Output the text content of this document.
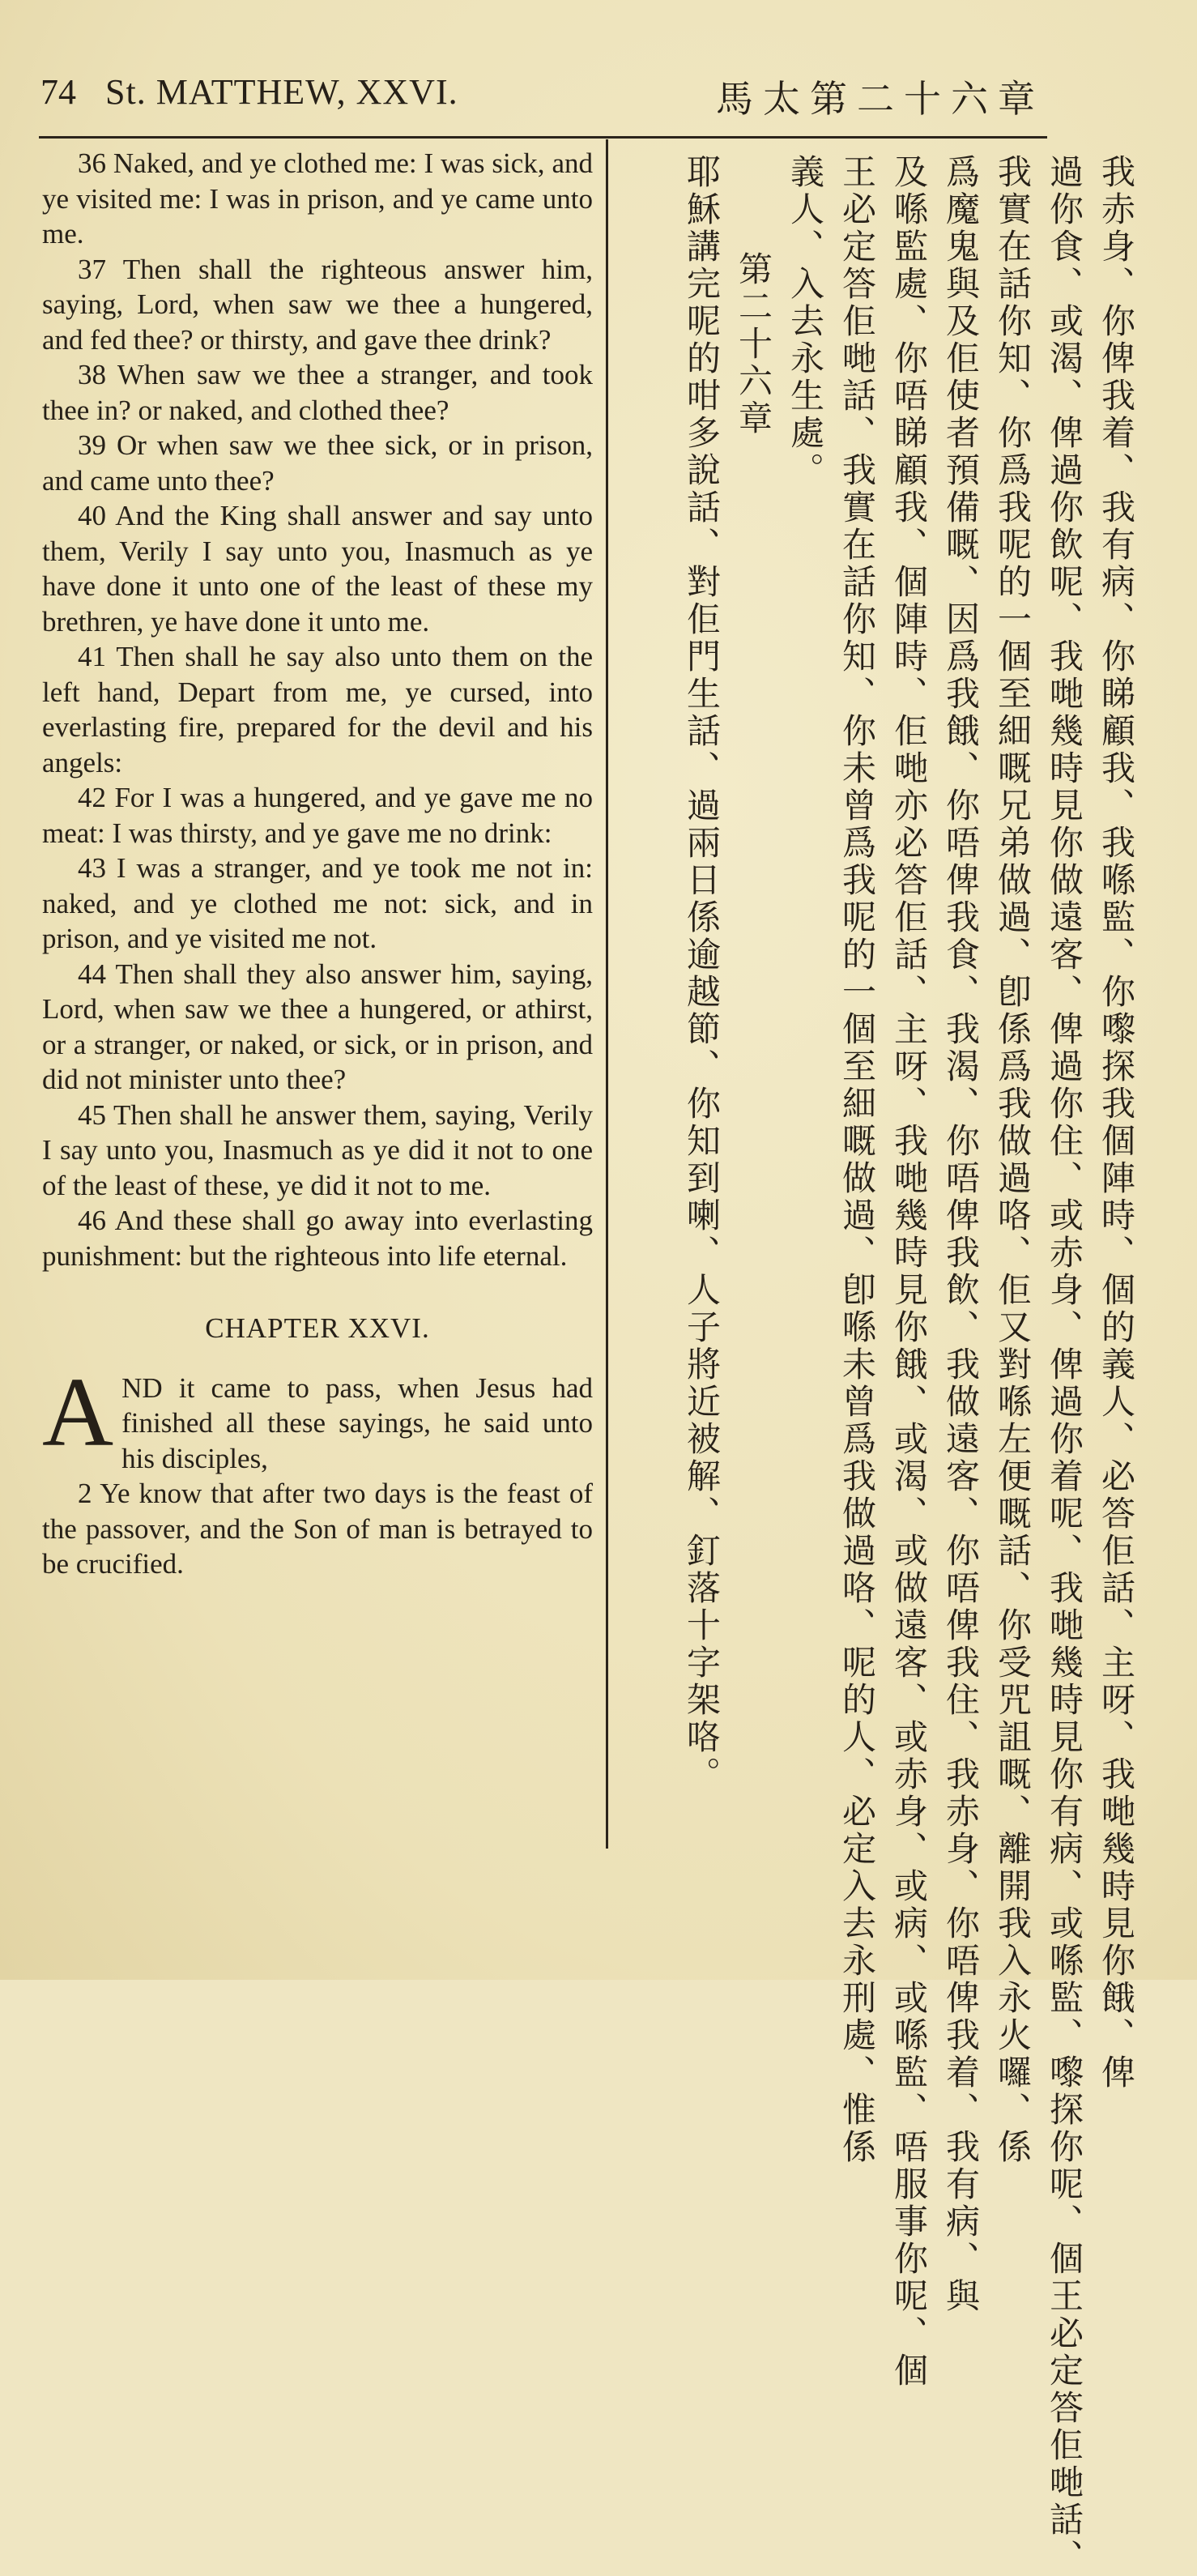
74 St. MATTHEW, XXVI.	馬太第二十六章

36 Naked, and ye clothed me: I was sick, and ye visited me: I was in prison, and ye came unto me.

37 Then shall the righteous answer him, saying, Lord, when saw we thee a hungered, and fed thee? or thirsty, and gave thee drink?

38 When saw we thee a stranger, and took thee in? or naked, and clothed thee?

39 Or when saw we thee sick, or in prison, and came unto thee?

40 And the King shall answer and say unto them, Verily I say unto you, Inasmuch as ye have done it unto one of the least of these my brethren, ye have done it unto me.

41 Then shall he say also unto them on the left hand, Depart from me, ye cursed, into everlasting fire, prepared for the devil and his angels:

42 For I was a hungered, and ye gave me no meat: I was thirsty, and ye gave me no drink:

43 I was a stranger, and ye took me not in: naked, and ye clothed me not: sick, and in prison, and ye visited me not.

44 Then shall they also answer him, saying, Lord, when saw we thee a hungered, or athirst, or a stranger, or naked, or sick, or in prison, and did not minister unto thee?

45 Then shall he answer them, saying, Verily I say unto you, Inasmuch as ye did it not to one of the least of these, ye did it not to me.

46 And these shall go away into everlasting punishment: but the righteous into life eternal.

CHAPTER XXVI.

AND it came to pass, when Jesus had finished all these sayings, he said unto his disciples,

2 Ye know that after two days is the feast of the passover, and the Son of man is betrayed to be crucified.	我赤身、你俾我着、我有病、你睇顧我、我喺監、你嚟探我個陣時、個的義人、必答佢話、主呀、我哋幾時見你餓、俾
過你食、或渴、俾過你飲呢、我哋幾時見你做遠客、俾過你住、或赤身、俾過你着呢、我哋幾時見你有病、或喺監、嚟探你呢、個王必定答佢哋話、
我實在話你知、你爲我呢的一個至細嘅兄弟做過、卽係爲我做過咯、佢又對喺左便嘅話、你受咒詛嘅、離開我入永火囉、係
爲魔鬼與及佢使者預備嘅、因爲我餓、你唔俾我食、我渴、你唔俾我飲、我做遠客、你唔俾我住、我赤身、你唔俾我着、我有病、與
及喺監處、你唔睇顧我、個陣時、佢哋亦必答佢話、主呀、我哋幾時見你餓、或渴、或做遠客、或赤身、或病、或喺監、唔服事你呢、個
王必定答佢哋話、我實在話你知、你未曾爲我呢的一個至細嘅做過、卽喺未曾爲我做過咯、呢的人、必定入去永刑處、惟係
義人、入去永生處。
第二十六章
耶穌講完呢的咁多說話、對佢門生話、過兩日係逾越節、你知到喇、人子將近被解、釘落十字架咯。
